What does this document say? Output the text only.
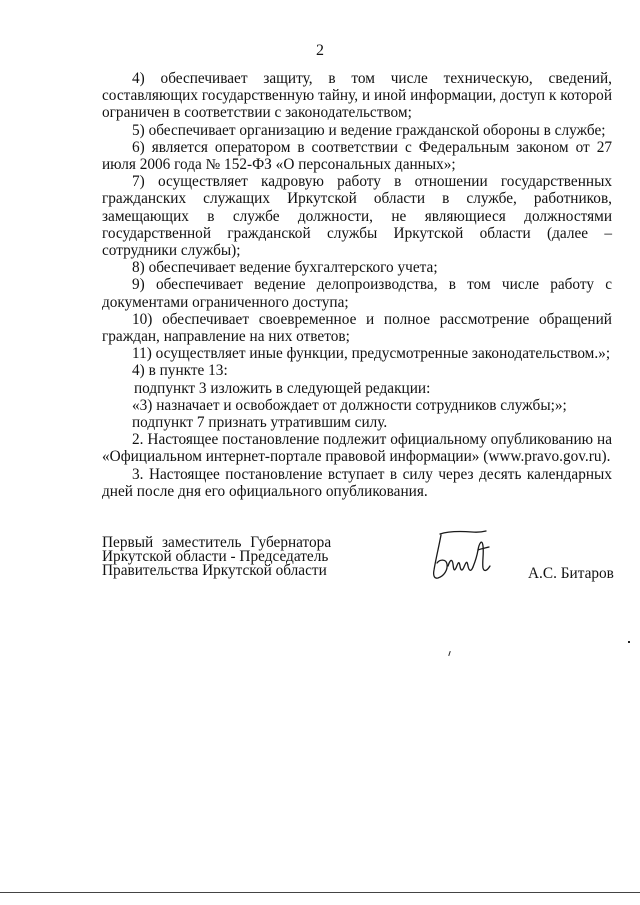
2

4) обеспечивает защиту, в том числе техническую, сведений, составляющих государственную тайну, и иной информации, доступ к которой ограничен в соответствии с законодательством;

5) обеспечивает организацию и ведение гражданской обороны в службе;

6) является оператором в соответствии с Федеральным законом от 27 июля 2006 года № 152-ФЗ «О персональных данных»;

7) осуществляет кадровую работу в отношении государственных гражданских служащих Иркутской области в службе, работников, замещающих в службе должности, не являющиеся должностями государственной гражданской службы Иркутской области (далее – сотрудники службы);

8) обеспечивает ведение бухгалтерского учета;

9) обеспечивает ведение делопроизводства, в том числе работу с документами ограниченного доступа;

10) обеспечивает своевременное и полное рассмотрение обращений граждан, направление на них ответов;

11) осуществляет иные функции, предусмотренные законодательством.»;

4) в пункте 13:

подпункт 3 изложить в следующей редакции:

«3) назначает и освобождает от должности сотрудников службы;»;

подпункт 7 признать утратившим силу.

2. Настоящее постановление подлежит официальному опубликованию на «Официальном интернет-портале правовой информации» (www.pravo.gov.ru).

3. Настоящее постановление вступает в силу через десять календарных дней после дня его официального опубликования.

Первый заместитель Губернатора
Иркутской области - Председатель
Правительства Иркутской области	А.С. Битаров
